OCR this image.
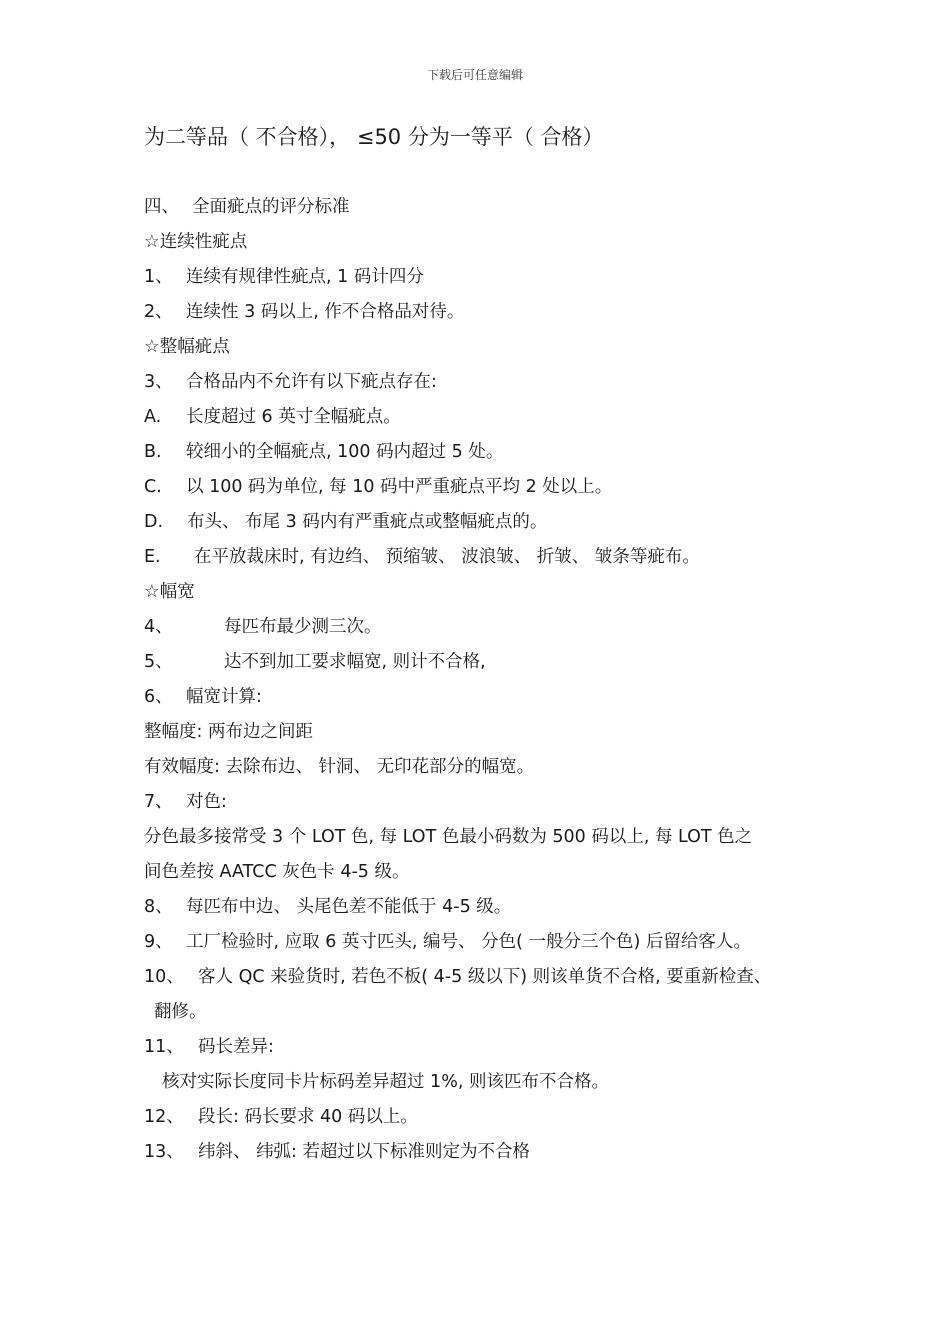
下载后可任意编辑
为二等品（ 不合格）， ≤50 分为一等平（ 合格）
四、 全面疵点的评分标准
☆连续性疵点
1、 连续有规律性疵点, 1 码计四分
2、 连续性 3 码以上, 作不合格品对待。
☆整幅疵点
3、 合格品内不允许有以下疵点存在:
A. 长度超过 6 英寸全幅疵点。
B. 较细小的全幅疵点, 100 码内超过 5 处。
C. 以 100 码为单位, 每 10 码中严重疵点平均 2 处以上。
D. 布头、 布尾 3 码内有严重疵点或整幅疵点的。
E. 在平放裁床时, 有边绉、 预缩皱、 波浪皱、 折皱、 皱条等疵布。
☆幅宽
4、	每匹布最少测三次。
5、	达不到加工要求幅宽, 则计不合格,
6、 幅宽计算:
整幅度: 两布边之间距
有效幅度: 去除布边、 针洞、 无印花部分的幅宽。
7、 对色:
分色最多接常受 3 个 LOT 色, 每 LOT 色最小码数为 500 码以上, 每 LOT 色之
间色差按 AATCC 灰色卡 4-5 级。
8、 每匹布中边、 头尾色差不能低于 4-5 级。
9、 工厂检验时, 应取 6 英寸匹头, 编号、 分色( 一般分三个色) 后留给客人。
10、 客人 QC 来验货时, 若色不板( 4-5 级以下) 则该单货不合格, 要重新检查、
翻修。
11、 码长差异:
核对实际长度同卡片标码差异超过 1%, 则该匹布不合格。
12、 段长: 码长要求 40 码以上。
13、 纬斜、 纬弧: 若超过以下标准则定为不合格
